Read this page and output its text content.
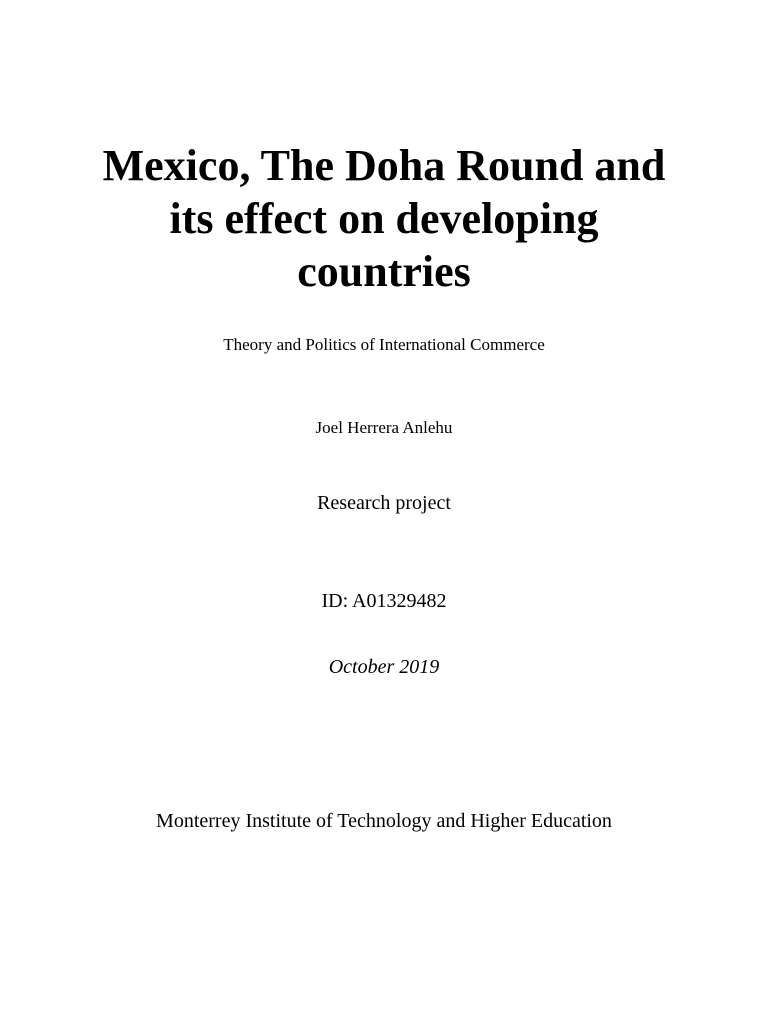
Mexico, The Doha Round and its effect on developing countries
Theory and Politics of International Commerce
Joel Herrera Anlehu
Research project
ID: A01329482
October 2019
Monterrey Institute of Technology and Higher Education
